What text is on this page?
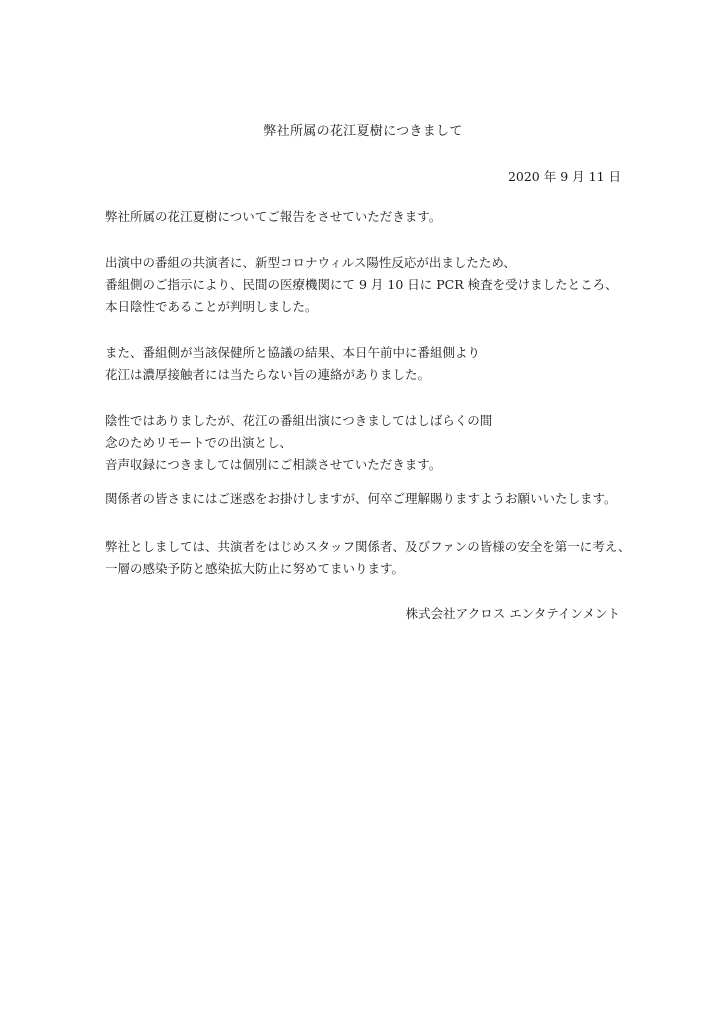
弊社所属の花江夏樹につきまして
2020 年 9 月 11 日
弊社所属の花江夏樹についてご報告をさせていただきます。
出演中の番組の共演者に、新型コロナウィルス陽性反応が出ましたため、
番組側のご指示により、民間の医療機関にて 9 月 10 日に PCR 検査を受けましたところ、
本日陰性であることが判明しました。
また、番組側が当該保健所と協議の結果、本日午前中に番組側より
花江は濃厚接触者には当たらない旨の連絡がありました。
陰性ではありましたが、花江の番組出演につきましてはしばらくの間
念のためリモートでの出演とし、
音声収録につきましては個別にご相談させていただきます。
関係者の皆さまにはご迷惑をお掛けしますが、何卒ご理解賜りますようお願いいたします。
弊社としましては、共演者をはじめスタッフ関係者、及びファンの皆様の安全を第一に考え、
一層の感染予防と感染拡大防止に努めてまいります。
株式会社アクロス エンタテインメント
